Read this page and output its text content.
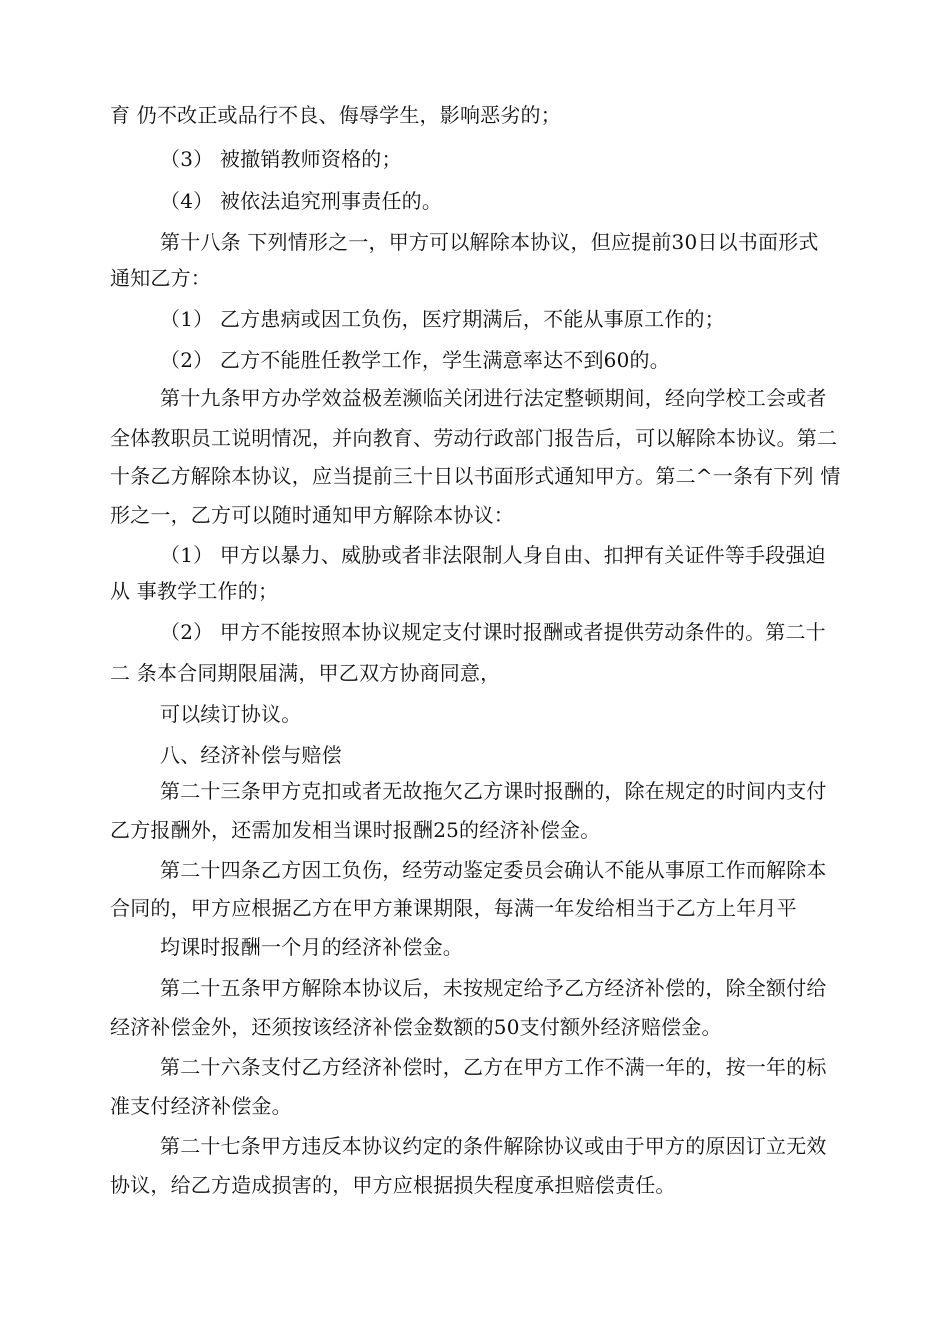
育 仍不改正或品行不良、侮辱学生，影响恶劣的；
（3） 被撤销教师资格的；
（4） 被依法追究刑事责任的。
第十八条 下列情形之一，甲方可以解除本协议，但应提前30日以书面形式
通知乙方：
（1） 乙方患病或因工负伤，医疗期满后，不能从事原工作的；
（2） 乙方不能胜任教学工作，学生满意率达不到60的。
第十九条甲方办学效益极差濒临关闭进行法定整顿期间，经向学校工会或者
全体教职员工说明情况，并向教育、劳动行政部门报告后，可以解除本协议。第二
十条乙方解除本协议，应当提前三十日以书面形式通知甲方。第二^一条有下列 情
形之一，乙方可以随时通知甲方解除本协议：
（1） 甲方以暴力、威胁或者非法限制人身自由、扣押有关证件等手段强迫
从 事教学工作的；
（2） 甲方不能按照本协议规定支付课时报酬或者提供劳动条件的。第二十
二 条本合同期限届满，甲乙双方协商同意，
可以续订协议。
八、经济补偿与赔偿
第二十三条甲方克扣或者无故拖欠乙方课时报酬的，除在规定的时间内支付
乙方报酬外，还需加发相当课时报酬25的经济补偿金。
第二十四条乙方因工负伤，经劳动鉴定委员会确认不能从事原工作而解除本
合同的，甲方应根据乙方在甲方兼课期限，每满一年发给相当于乙方上年月平
均课时报酬一个月的经济补偿金。
第二十五条甲方解除本协议后，未按规定给予乙方经济补偿的，除全额付给
经济补偿金外，还须按该经济补偿金数额的50支付额外经济赔偿金。
第二十六条支付乙方经济补偿时，乙方在甲方工作不满一年的，按一年的标
准支付经济补偿金。
第二十七条甲方违反本协议约定的条件解除协议或由于甲方的原因订立无效
协议，给乙方造成损害的，甲方应根据损失程度承担赔偿责任。
